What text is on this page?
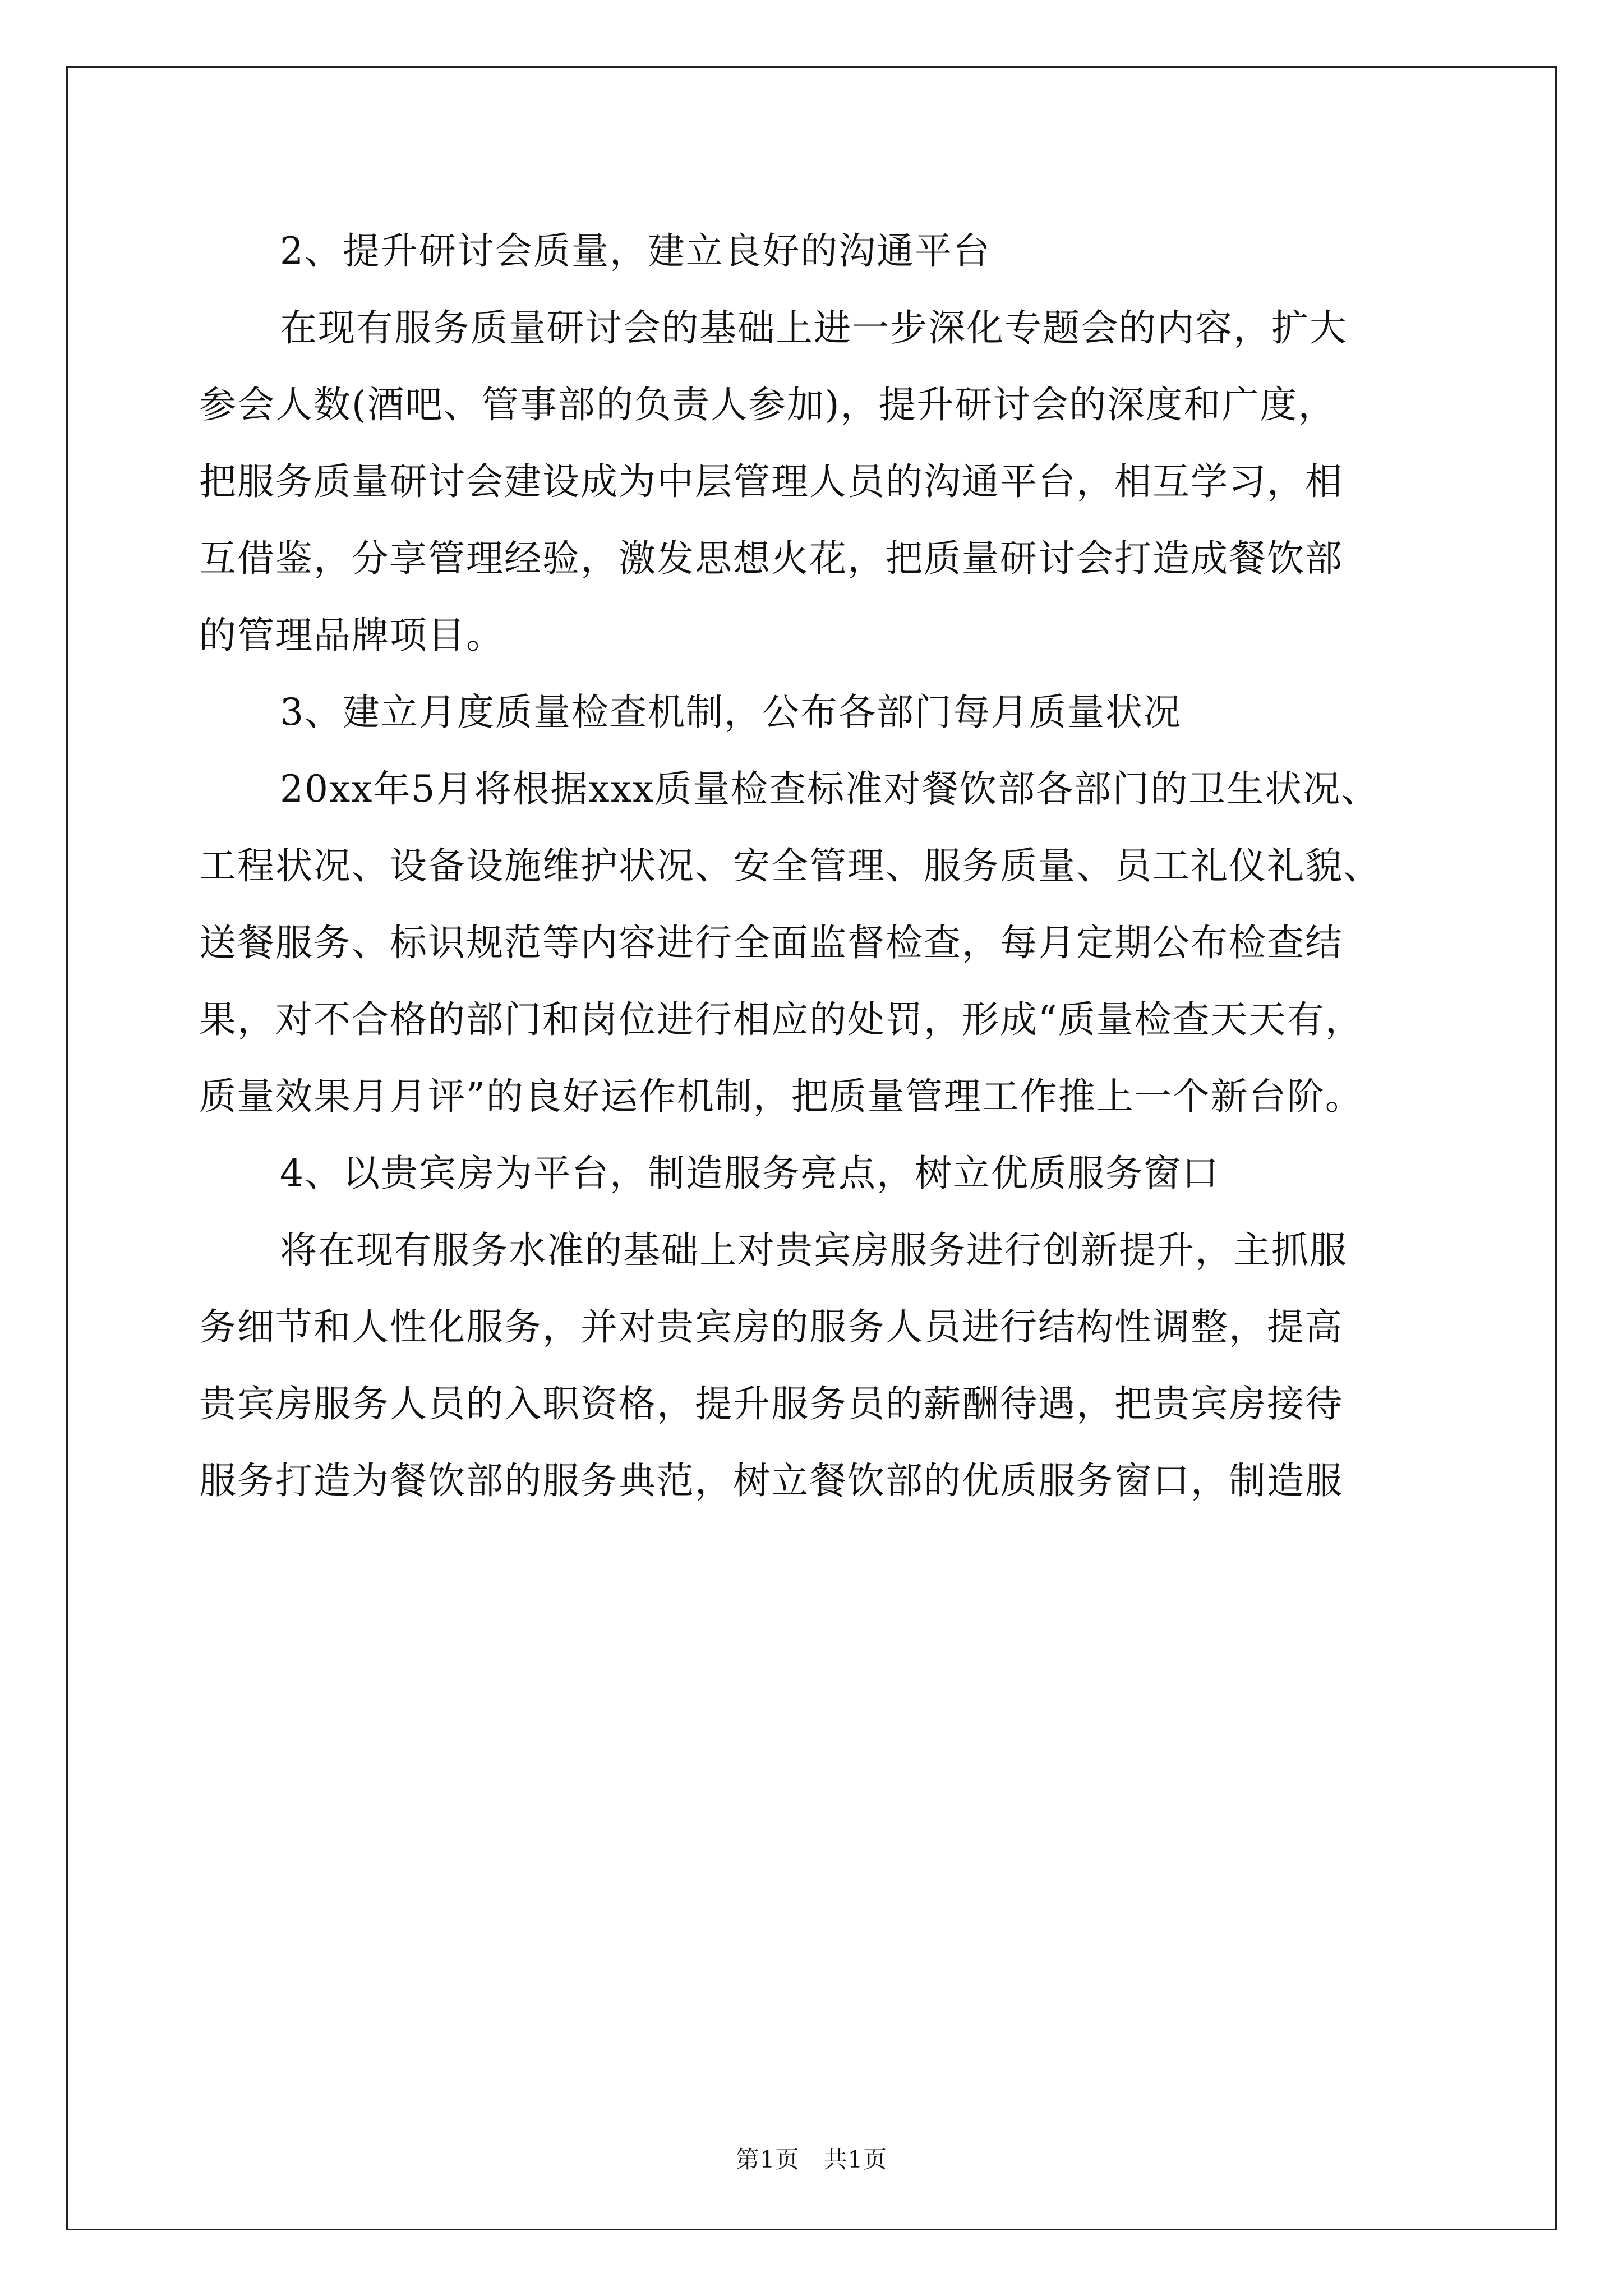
2、提升研讨会质量，建立良好的沟通平台
在现有服务质量研讨会的基础上进一步深化专题会的内容，扩大
参会人数(酒吧、管事部的负责人参加)，提升研讨会的深度和广度，
把服务质量研讨会建设成为中层管理人员的沟通平台，相互学习，相
互借鉴，分享管理经验，激发思想火花，把质量研讨会打造成餐饮部
的管理品牌项目。
3、建立月度质量检查机制，公布各部门每月质量状况
20xx年5月将根据xxx质量检查标准对餐饮部各部门的卫生状况、
工程状况、设备设施维护状况、安全管理、服务质量、员工礼仪礼貌、
送餐服务、标识规范等内容进行全面监督检查，每月定期公布检查结
果，对不合格的部门和岗位进行相应的处罚，形成“质量检查天天有，
质量效果月月评”的良好运作机制，把质量管理工作推上一个新台阶。
4、以贵宾房为平台，制造服务亮点，树立优质服务窗口
将在现有服务水准的基础上对贵宾房服务进行创新提升，主抓服
务细节和人性化服务，并对贵宾房的服务人员进行结构性调整，提高
贵宾房服务人员的入职资格，提升服务员的薪酬待遇，把贵宾房接待
服务打造为餐饮部的服务典范，树立餐饮部的优质服务窗口，制造服
第1页　共1页
